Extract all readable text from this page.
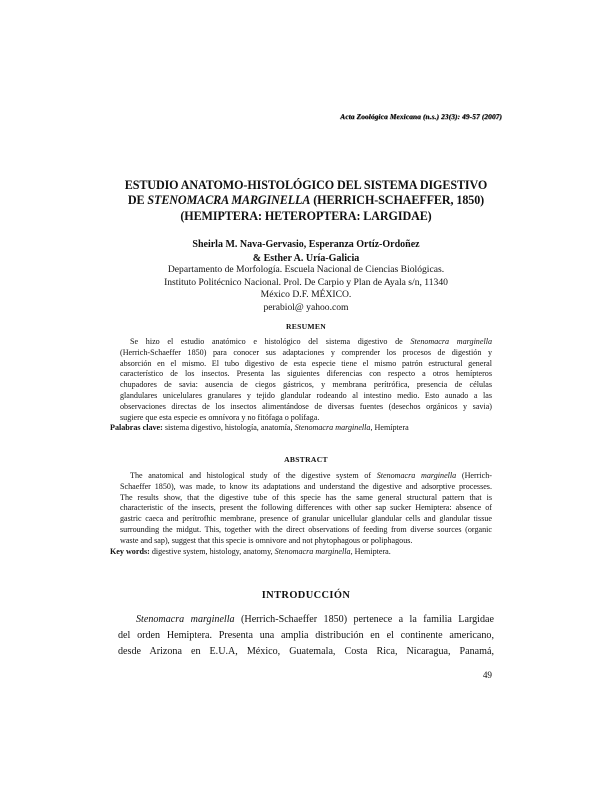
Acta Zoológica Mexicana (n.s.) 23(3): 49-57 (2007)
ESTUDIO ANATOMO-HISTOLÓGICO DEL SISTEMA DIGESTIVO
DE STENOMACRA MARGINELLA (HERRICH-SCHAEFFER, 1850)
(HEMIPTERA: HETEROPTERA: LARGIDAE)
Sheirla M. Nava-Gervasio, Esperanza Ortíz-Ordoñez
& Esther A. Uría-Galicia
Departamento de Morfología. Escuela Nacional de Ciencias Biológicas.
Instituto Politécnico Nacional. Prol. De Carpio y Plan de Ayala s/n, 11340
México D.F. MÉXICO.
perabiol@ yahoo.com
RESUMEN
Se hizo el estudio anatómico e histológico del sistema digestivo de Stenomacra marginella
(Herrich-Schaeffer 1850) para conocer sus adaptaciones y comprender los procesos de digestión y
absorción en el mismo. El tubo digestivo de esta especie tiene el mismo patrón estructural general
característico de los insectos. Presenta las siguientes diferencias con respecto a otros hemípteros
chupadores de savia: ausencia de ciegos gástricos, y membrana perítrófica, presencia de células
glandulares unicelulares granulares y tejido glandular rodeando al intestino medio. Esto aunado a las
observaciones directas de los insectos alimentándose de diversas fuentes (desechos orgánicos y savia)
sugiere que esta especie es omnívora y no fitófaga o polífaga.
Palabras clave: sistema digestivo, histología, anatomía, Stenomacra marginella, Hemíptera
ABSTRACT
The anatomical and histological study of the digestive system of Stenomacra marginella (Herrich-
Schaeffer 1850), was made, to know its adaptations and understand the digestive and adsorptive processes.
The results show, that the digestive tube of this specie has the same general structural pattern that is
characteristic of the insects, present the following differences with other sap sucker Hemiptera: absence of
gastric caeca and perítrofhic membrane, presence of granular unicellular glandular cells and glandular tissue
surrounding the midgut. This, together with the direct observations of feeding from diverse sources (organic
waste and sap), suggest that this specie is omnivore and not phytophagous or poliphagous.
Key words: digestive system, histology, anatomy, Stenomacra marginella, Hemiptera.
INTRODUCCIÓN
Stenomacra marginella (Herrich-Schaeffer 1850) pertenece a la familia Largidae
del orden Hemiptera. Presenta una amplia distribución en el continente americano,
desde Arizona en E.U.A, México, Guatemala, Costa Rica, Nicaragua, Panamá,
49
